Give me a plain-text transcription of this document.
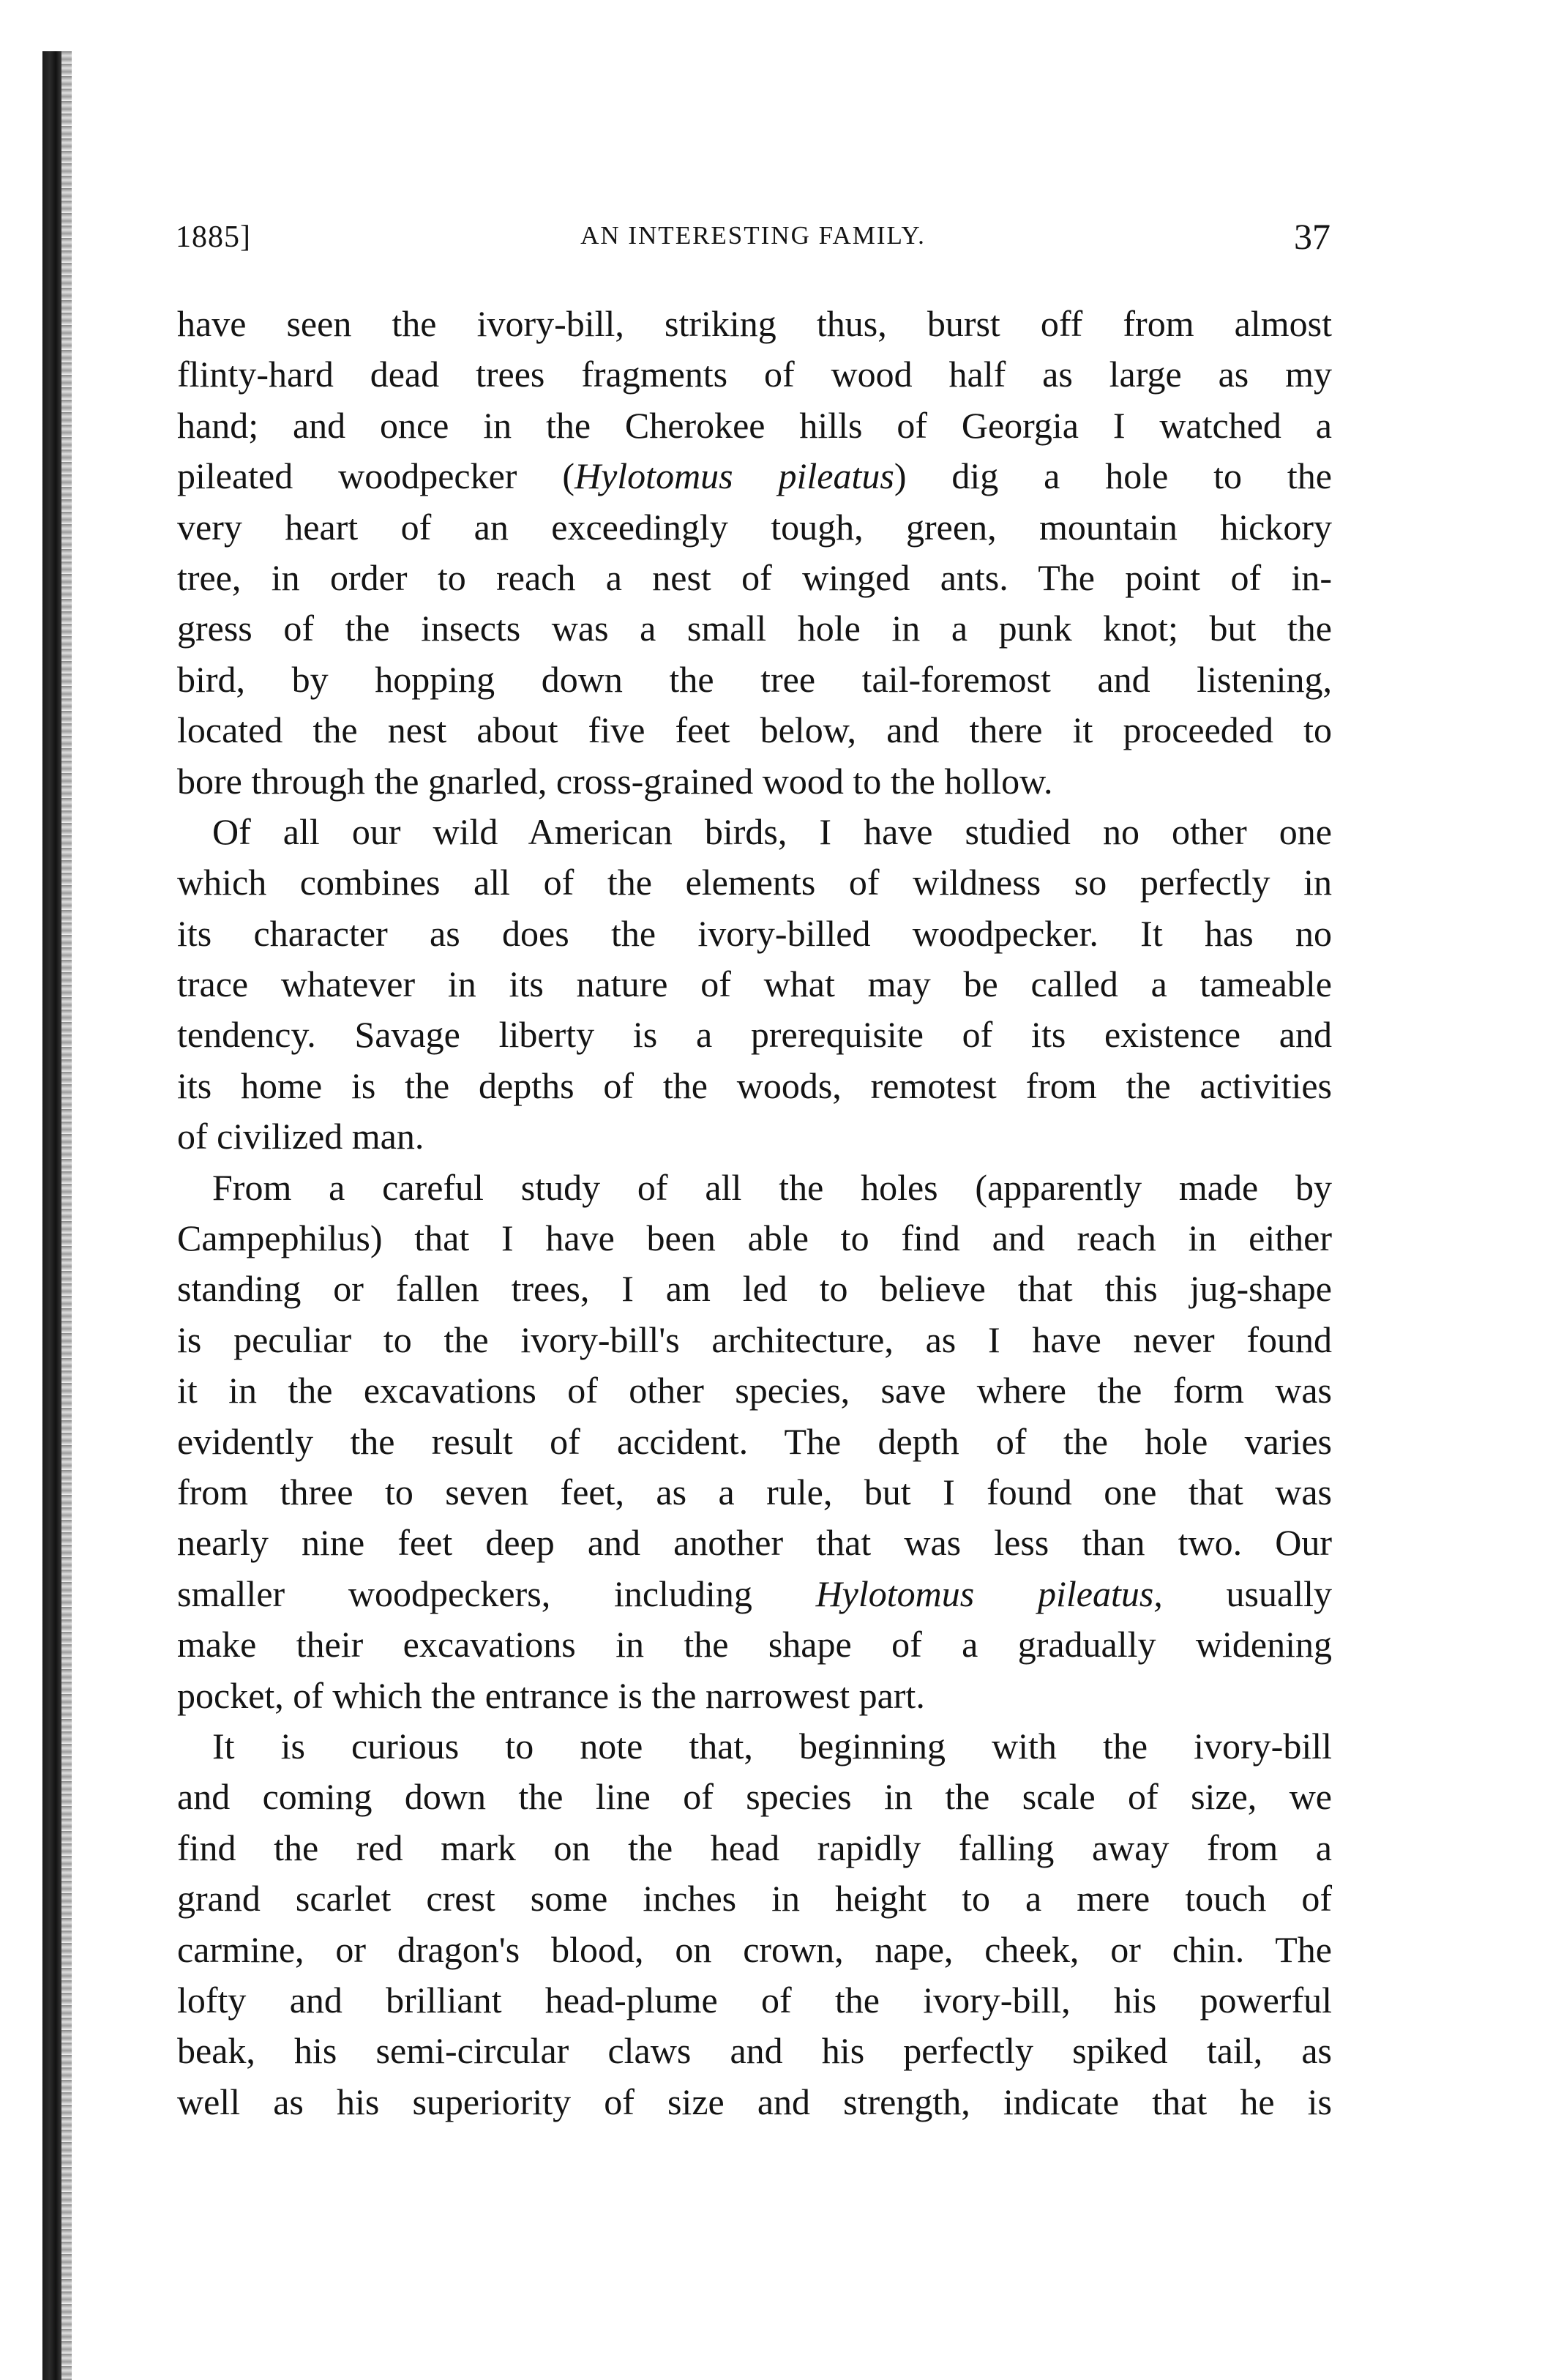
1885]	AN INTERESTING FAMILY.	37
have seen the ivory-bill, striking thus, burst off from almost
flinty-hard dead trees fragments of wood half as large as my
hand; and once in the Cherokee hills of Georgia I watched a
pileated woodpecker (Hylotomus pileatus) dig a hole to the
very heart of an exceedingly tough, green, mountain hickory
tree, in order to reach a nest of winged ants. The point of in-
gress of the insects was a small hole in a punk knot; but the
bird, by hopping down the tree tail-foremost and listening,
located the nest about five feet below, and there it proceeded to
bore through the gnarled, cross-grained wood to the hollow.
Of all our wild American birds, I have studied no other one
which combines all of the elements of wildness so perfectly in
its character as does the ivory-billed woodpecker. It has no
trace whatever in its nature of what may be called a tameable
tendency. Savage liberty is a prerequisite of its existence and
its home is the depths of the woods, remotest from the activities
of civilized man.
From a careful study of all the holes (apparently made by
Campephilus) that I have been able to find and reach in either
standing or fallen trees, I am led to believe that this jug-shape
is peculiar to the ivory-bill's architecture, as I have never found
it in the excavations of other species, save where the form was
evidently the result of accident. The depth of the hole varies
from three to seven feet, as a rule, but I found one that was
nearly nine feet deep and another that was less than two. Our
smaller woodpeckers, including Hylotomus pileatus, usually
make their excavations in the shape of a gradually widening
pocket, of which the entrance is the narrowest part.
It is curious to note that, beginning with the ivory-bill
and coming down the line of species in the scale of size, we
find the red mark on the head rapidly falling away from a
grand scarlet crest some inches in height to a mere touch of
carmine, or dragon's blood, on crown, nape, cheek, or chin. The
lofty and brilliant head-plume of the ivory-bill, his powerful
beak, his semi-circular claws and his perfectly spiked tail, as
well as his superiority of size and strength, indicate that he is
